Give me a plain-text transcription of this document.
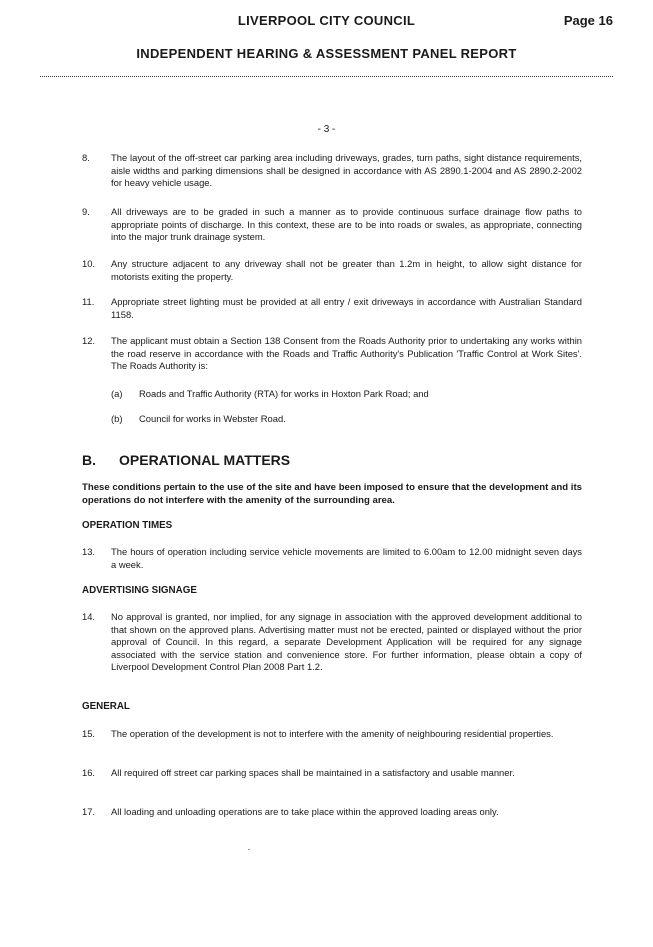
LIVERPOOL CITY COUNCIL	Page 16
INDEPENDENT HEARING & ASSESSMENT PANEL REPORT
- 3 -
8. The layout of the off-street car parking area including driveways, grades, turn paths, sight distance requirements, aisle widths and parking dimensions shall be designed in accordance with AS 2890.1-2004 and AS 2890.2-2002 for heavy vehicle usage.
9. All driveways are to be graded in such a manner as to provide continuous surface drainage flow paths to appropriate points of discharge. In this context, these are to be into roads or swales, as appropriate, connecting into the major trunk drainage system.
10. Any structure adjacent to any driveway shall not be greater than 1.2m in height, to allow sight distance for motorists exiting the property.
11. Appropriate street lighting must be provided at all entry / exit driveways in accordance with Australian Standard 1158.
12. The applicant must obtain a Section 138 Consent from the Roads Authority prior to undertaking any works within the road reserve in accordance with the Roads and Traffic Authority's Publication 'Traffic Control at Work Sites'. The Roads Authority is:
(a) Roads and Traffic Authority (RTA) for works in Hoxton Park Road; and
(b) Council for works in Webster Road.
B. OPERATIONAL MATTERS
These conditions pertain to the use of the site and have been imposed to ensure that the development and its operations do not interfere with the amenity of the surrounding area.
OPERATION TIMES
13. The hours of operation including service vehicle movements are limited to 6.00am to 12.00 midnight seven days a week.
ADVERTISING SIGNAGE
14. No approval is granted, nor implied, for any signage in association with the approved development additional to that shown on the approved plans. Advertising matter must not be erected, painted or displayed without the prior approval of Council. In this regard, a separate Development Application will be required for any signage associated with the service station and convenience store. For further information, please obtain a copy of Liverpool Development Control Plan 2008 Part 1.2.
GENERAL
15. The operation of the development is not to interfere with the amenity of neighbouring residential properties.
16. All required off street car parking spaces shall be maintained in a satisfactory and usable manner.
17. All loading and unloading operations are to take place within the approved loading areas only.
